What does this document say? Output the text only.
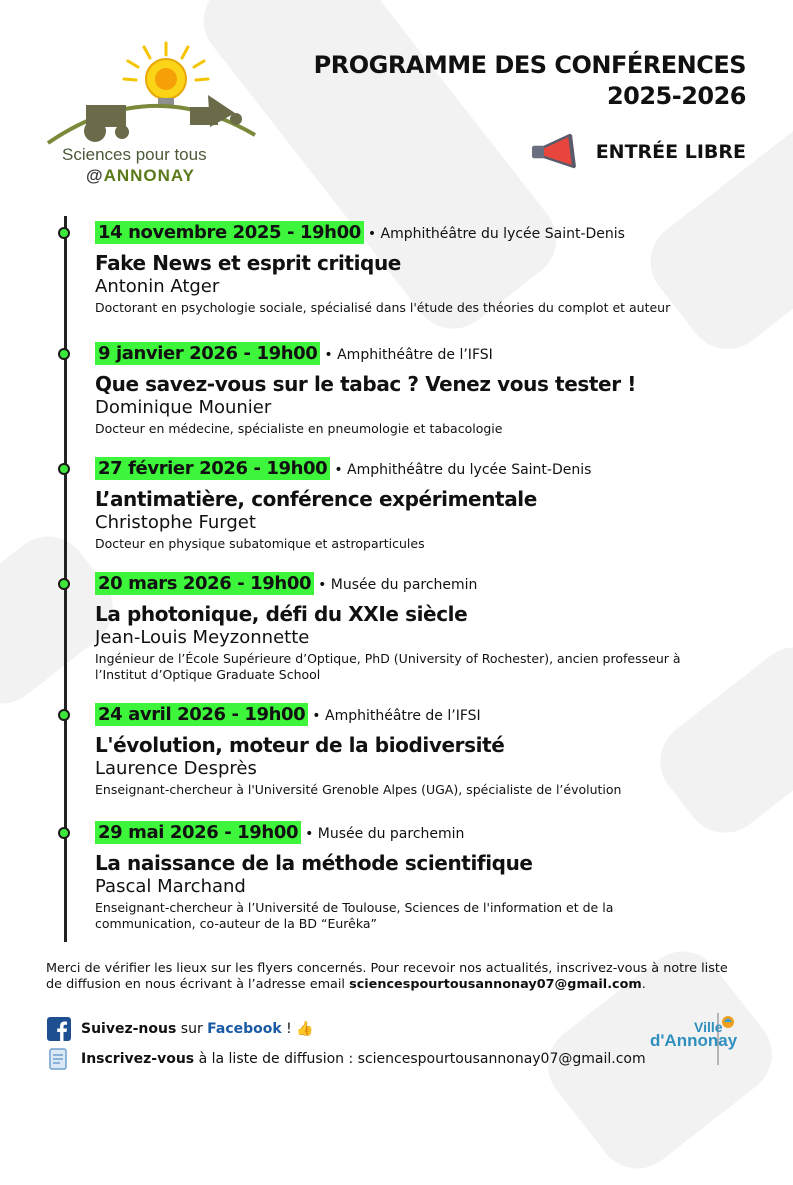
Sciences pour tous
@ANNONAY
PROGRAMME DES CONFÉRENCES
2025-2026
ENTRÉE LIBRE
14 novembre 2025 - 19h00 • Amphithéâtre du lycée Saint-Denis
Fake News et esprit critique
Antonin Atger
Doctorant en psychologie sociale, spécialisé dans l'étude des théories du complot et auteur
9 janvier 2026 - 19h00 • Amphithéâtre de l’IFSI
Que savez-vous sur le tabac ? Venez vous tester !
Dominique Mounier
Docteur en médecine, spécialiste en pneumologie et tabacologie
27 février 2026 - 19h00 • Amphithéâtre du lycée Saint-Denis
L’antimatière, conférence expérimentale
Christophe Furget
Docteur en physique subatomique et astroparticules
20 mars 2026 - 19h00 • Musée du parchemin
La photonique, défi du XXIe siècle
Jean-Louis Meyzonnette
Ingénieur de l’École Supérieure d’Optique, PhD (University of Rochester), ancien professeur à l’Institut d’Optique Graduate School
24 avril 2026 - 19h00 • Amphithéâtre de l’IFSI
L'évolution, moteur de la biodiversité
Laurence Desprès
Enseignant-chercheur à l'Université Grenoble Alpes (UGA), spécialiste de l’évolution
29 mai 2026 - 19h00 • Musée du parchemin
La naissance de la méthode scientifique
Pascal Marchand
Enseignant-chercheur à l’Université de Toulouse, Sciences de l'information et de la communication, co-auteur de la BD “Eurêka”
Merci de vérifier les lieux sur les flyers concernés. Pour recevoir nos actualités, inscrivez-vous à notre liste de diffusion en nous écrivant à l’adresse email sciencespourtousannonay07@gmail.com.
Suivez-nous sur Facebook ! 👍
Inscrivez-vous à la liste de diffusion : sciencespourtousannonay07@gmail.com
Ville
d'Annonay
